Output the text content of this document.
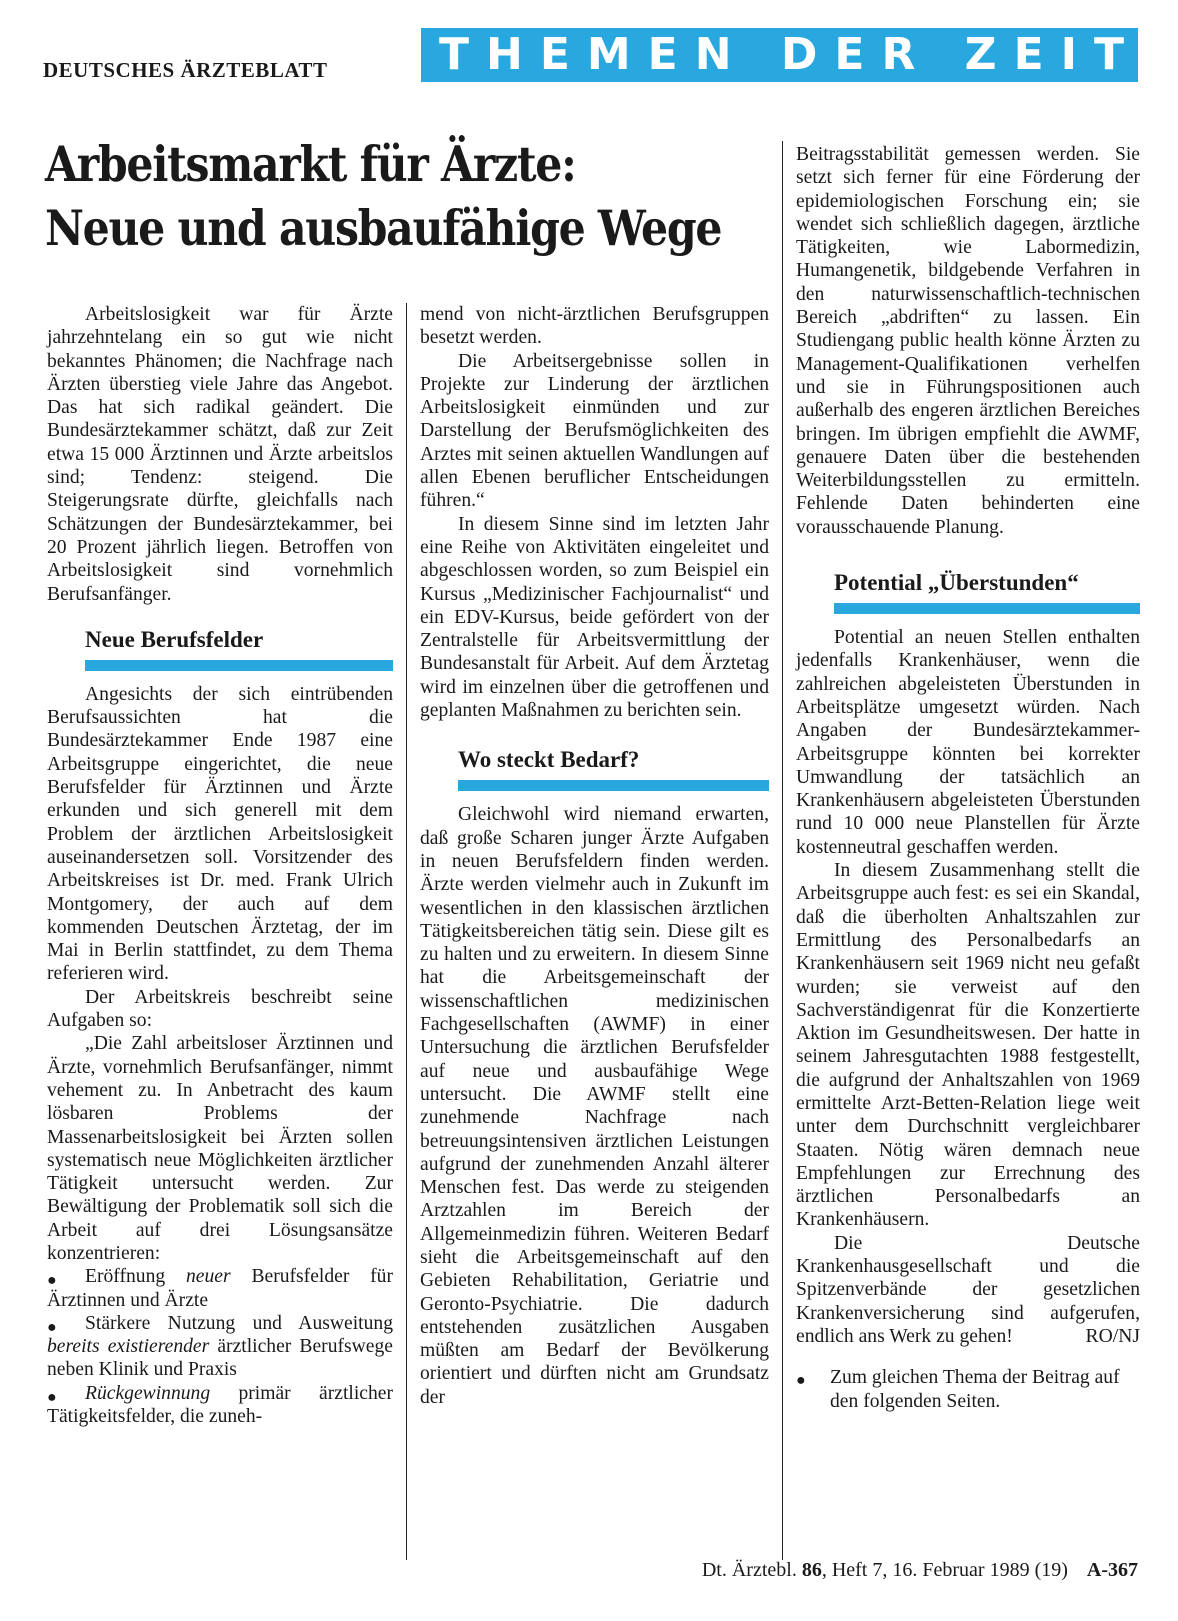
DEUTSCHES ÄRZTEBLATT	THEMEN DER ZEIT
Arbeitsmarkt für Ärzte:
Neue und ausbaufähige Wege

Arbeitslosigkeit war für Ärzte jahrzehntelang ein so gut wie nicht bekanntes Phänomen; die Nachfrage nach Ärzten überstieg viele Jahre das Angebot. Das hat sich radikal geändert. Die Bundesärztekammer schätzt, daß zur Zeit etwa 15 000 Ärztinnen und Ärzte arbeitslos sind; Tendenz: steigend. Die Steigerungsrate dürfte, gleichfalls nach Schätzungen der Bundesärztekammer, bei 20 Prozent jährlich liegen. Betroffen von Arbeitslosigkeit sind vornehmlich Berufsanfänger.

Neue Berufsfelder

Angesichts der sich eintrübenden Berufsaussichten hat die Bundesärztekammer Ende 1987 eine Arbeitsgruppe eingerichtet, die neue Berufsfelder für Ärztinnen und Ärzte erkunden und sich generell mit dem Problem der ärztlichen Arbeitslosigkeit auseinandersetzen soll. Vorsitzender des Arbeitskreises ist Dr. med. Frank Ulrich Montgomery, der auch auf dem kommenden Deutschen Ärztetag, der im Mai in Berlin stattfindet, zu dem Thema referieren wird.

Der Arbeitskreis beschreibt seine Aufgaben so:

„Die Zahl arbeitsloser Ärztinnen und Ärzte, vornehmlich Berufsanfänger, nimmt vehement zu. In Anbetracht des kaum lösbaren Problems der Massenarbeitslosigkeit bei Ärzten sollen systematisch neue Möglichkeiten ärztlicher Tätigkeit untersucht werden. Zur Bewältigung der Problematik soll sich die Arbeit auf drei Lösungsansätze konzentrieren:

● Eröffnung neuer Berufsfelder für Ärztinnen und Ärzte

● Stärkere Nutzung und Ausweitung bereits existierender ärztlicher Berufswege neben Klinik und Praxis

● Rückgewinnung primär ärztlicher Tätigkeitsfelder, die zuneh-

mend von nicht-ärztlichen Berufsgruppen besetzt werden.

Die Arbeitsergebnisse sollen in Projekte zur Linderung der ärztlichen Arbeitslosigkeit einmünden und zur Darstellung der Berufsmöglichkeiten des Arztes mit seinen aktuellen Wandlungen auf allen Ebenen beruflicher Entscheidungen führen.“

In diesem Sinne sind im letzten Jahr eine Reihe von Aktivitäten eingeleitet und abgeschlossen worden, so zum Beispiel ein Kursus „Medizinischer Fachjournalist“ und ein EDV-Kursus, beide gefördert von der Zentralstelle für Arbeitsvermittlung der Bundesanstalt für Arbeit. Auf dem Ärztetag wird im einzelnen über die getroffenen und geplanten Maßnahmen zu berichten sein.

Wo steckt Bedarf?

Gleichwohl wird niemand erwarten, daß große Scharen junger Ärzte Aufgaben in neuen Berufsfeldern finden werden. Ärzte werden vielmehr auch in Zukunft im wesentlichen in den klassischen ärztlichen Tätigkeitsbereichen tätig sein. Diese gilt es zu halten und zu erweitern. In diesem Sinne hat die Arbeitsgemeinschaft der wissenschaftlichen medizinischen Fachgesellschaften (AWMF) in einer Untersuchung die ärztlichen Berufsfelder auf neue und ausbaufähige Wege untersucht. Die AWMF stellt eine zunehmende Nachfrage nach betreuungsintensiven ärztlichen Leistungen aufgrund der zunehmenden Anzahl älterer Menschen fest. Das werde zu steigenden Arztzahlen im Bereich der Allgemeinmedizin führen. Weiteren Bedarf sieht die Arbeitsgemeinschaft auf den Gebieten Rehabilitation, Geriatrie und Geronto-Psychiatrie. Die dadurch entstehenden zusätzlichen Ausgaben müßten am Bedarf der Bevölkerung orientiert und dürften nicht am Grundsatz der

Beitragsstabilität gemessen werden. Sie setzt sich ferner für eine Förderung der epidemiologischen Forschung ein; sie wendet sich schließlich dagegen, ärztliche Tätigkeiten, wie Labormedizin, Humangenetik, bildgebende Verfahren in den naturwissenschaftlich-technischen Bereich „abdriften“ zu lassen. Ein Studiengang public health könne Ärzten zu Management-Qualifikationen verhelfen und sie in Führungspositionen auch außerhalb des engeren ärztlichen Bereiches bringen. Im übrigen empfiehlt die AWMF, genauere Daten über die bestehenden Weiterbildungsstellen zu ermitteln. Fehlende Daten behinderten eine vorausschauende Planung.

Potential „Überstunden“

Potential an neuen Stellen enthalten jedenfalls Krankenhäuser, wenn die zahlreichen abgeleisteten Überstunden in Arbeitsplätze umgesetzt würden. Nach Angaben der Bundesärztekammer-Arbeitsgruppe könnten bei korrekter Umwandlung der tatsächlich an Krankenhäusern abgeleisteten Überstunden rund 10 000 neue Planstellen für Ärzte kostenneutral geschaffen werden.

In diesem Zusammenhang stellt die Arbeitsgruppe auch fest: es sei ein Skandal, daß die überholten Anhaltszahlen zur Ermittlung des Personalbedarfs an Krankenhäusern seit 1969 nicht neu gefaßt wurden; sie verweist auf den Sachverständigenrat für die Konzertierte Aktion im Gesundheitswesen. Der hatte in seinem Jahresgutachten 1988 festgestellt, die aufgrund der Anhaltszahlen von 1969 ermittelte Arzt-Betten-Relation liege weit unter dem Durchschnitt vergleichbarer Staaten. Nötig wären demnach neue Empfehlungen zur Errechnung des ärztlichen Personalbedarfs an Krankenhäusern.

Die Deutsche Krankenhausgesellschaft und die Spitzenverbände der gesetzlichen Krankenversicherung sind aufgerufen, endlich ans Werk zu gehen!	RO/NJ

● Zum gleichen Thema der Beitrag auf den folgenden Seiten.
Dt. Ärztebl. 86, Heft 7, 16. Februar 1989 (19) A-367
